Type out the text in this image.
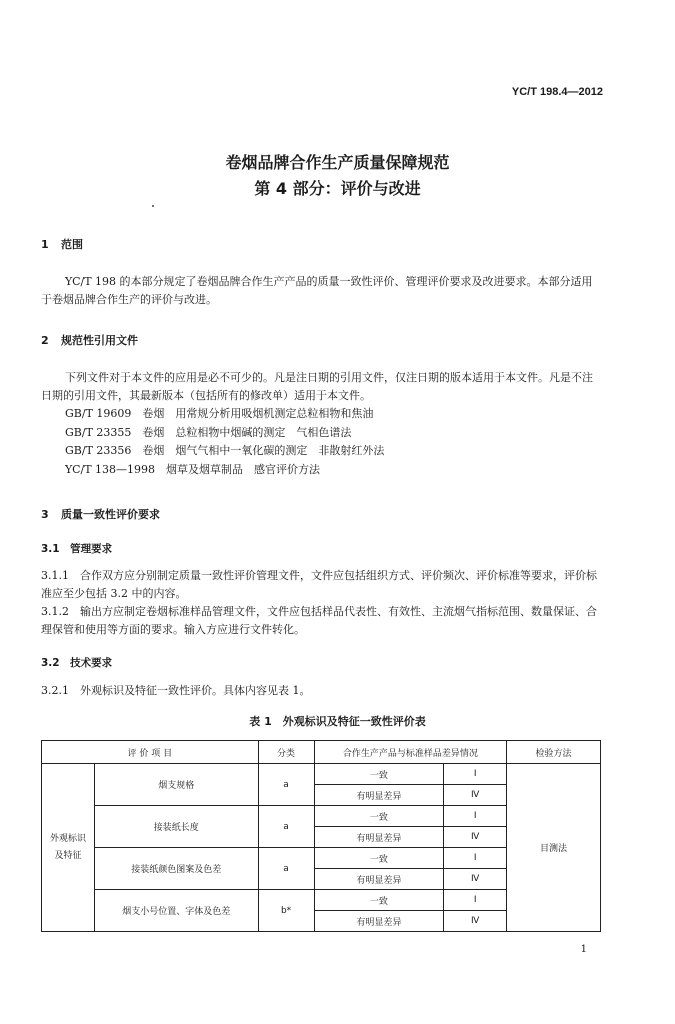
YC/T 198.4—2012
卷烟品牌合作生产质量保障规范
第 4 部分：评价与改进
1 范围
YC/T 198 的本部分规定了卷烟品牌合作生产产品的质量一致性评价、管理评价要求及改进要求。本部分适用于卷烟品牌合作生产的评价与改进。
2 规范性引用文件
下列文件对于本文件的应用是必不可少的。凡是注日期的引用文件，仅注日期的版本适用于本文件。凡是不注日期的引用文件，其最新版本（包括所有的修改单）适用于本文件。
GB/T 19609　卷烟　用常规分析用吸烟机测定总粒相物和焦油
GB/T 23355　卷烟　总粒相物中烟碱的测定　气相色谱法
GB/T 23356　卷烟　烟气气相中一氧化碳的测定　非散射红外法
YC/T 138—1998　烟草及烟草制品　感官评价方法
3 质量一致性评价要求
3.1　 管理要求
3.1.1　合作双方应分别制定质量一致性评价管理文件，文件应包括组织方式、评价频次、评价标准等要求，评价标准应至少包括 3.2 中的内容。
3.1.2　输出方应制定卷烟标准样品管理文件，文件应包括样品代表性、有效性、主流烟气指标范围、数量保证、合理保管和使用等方面的要求。输入方应进行文件转化。
3.2　 技术要求
3.2.1　外观标识及特征一致性评价。具体内容见表 1。
表 1　外观标识及特征一致性评价表
评 价 项 目		分类	合作生产产品与标准样品差异情况		检验方法
外观标识及特征	烟支规格	a	一致	Ⅰ	目测法
			有明显差异	Ⅳ	
	接装纸长度	a	一致	Ⅰ	
			有明显差异	Ⅳ	
	接装纸颜色图案及色差	a	一致	Ⅰ	
			有明显差异	Ⅳ	
	烟支小号位置、字体及色差	b*	一致	Ⅰ	
			有明显差异	Ⅳ	
1
